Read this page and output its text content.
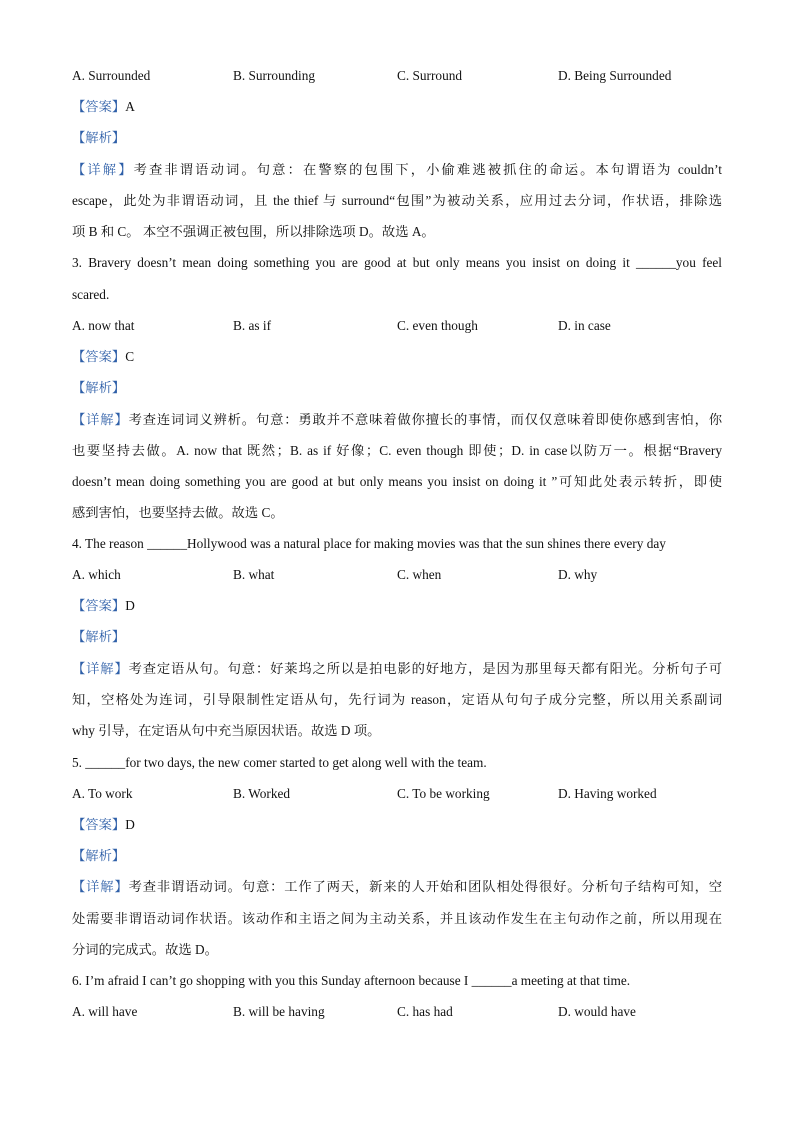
A. Surrounded	B. Surrounding	C. Surround	D. Being Surrounded
【答案】A
【解析】
【详解】考查非谓语动词。句意：在警察的包围下，小偷难逃被抓住的命运。本句谓语为 couldn’t
escape，此处为非谓语动词，且 the thief 与 surround“包围”为被动关系，应用过去分词，作状语，排除选
项 B 和 C。 本空不强调正被包围，所以排除选项 D。故选 A。
3. Bravery doesn’t mean doing something you are good at but only means you insist on doing it ______you feel
scared.
A. now that	B. as if	C. even though	D. in case
【答案】C
【解析】
【详解】考查连词词义辨析。句意：勇敢并不意味着做你擅长的事情，而仅仅意味着即使你感到害怕，你
也要坚持去做。A. now that 既然；B. as if 好像；C. even though 即使；D. in case以防万一。根据“Bravery
doesn’t mean doing something you are good at but only means you insist on doing it ”可知此处表示转折，即使
感到害怕，也要坚持去做。故选 C。
4. The reason ______Hollywood was a natural place for making movies was that the sun shines there every day
A. which	B. what	C. when	D. why
【答案】D
【解析】
【详解】考查定语从句。句意：好莱坞之所以是拍电影的好地方，是因为那里每天都有阳光。分析句子可
知，空格处为连词，引导限制性定语从句，先行词为 reason，定语从句句子成分完整，所以用关系副词
why 引导，在定语从句中充当原因状语。故选 D 项。
5. ______for two days, the new comer started to get along well with the team.
A. To work	B. Worked	C. To be working	D. Having worked
【答案】D
【解析】
【详解】考查非谓语动词。句意：工作了两天，新来的人开始和团队相处得很好。分析句子结构可知，空
处需要非谓语动词作状语。该动作和主语之间为主动关系，并且该动作发生在主句动作之前，所以用现在
分词的完成式。故选 D。
6. I’m afraid I can’t go shopping with you this Sunday afternoon because I ______a meeting at that time.
A. will have	B. will be having	C. has had	D. would have
